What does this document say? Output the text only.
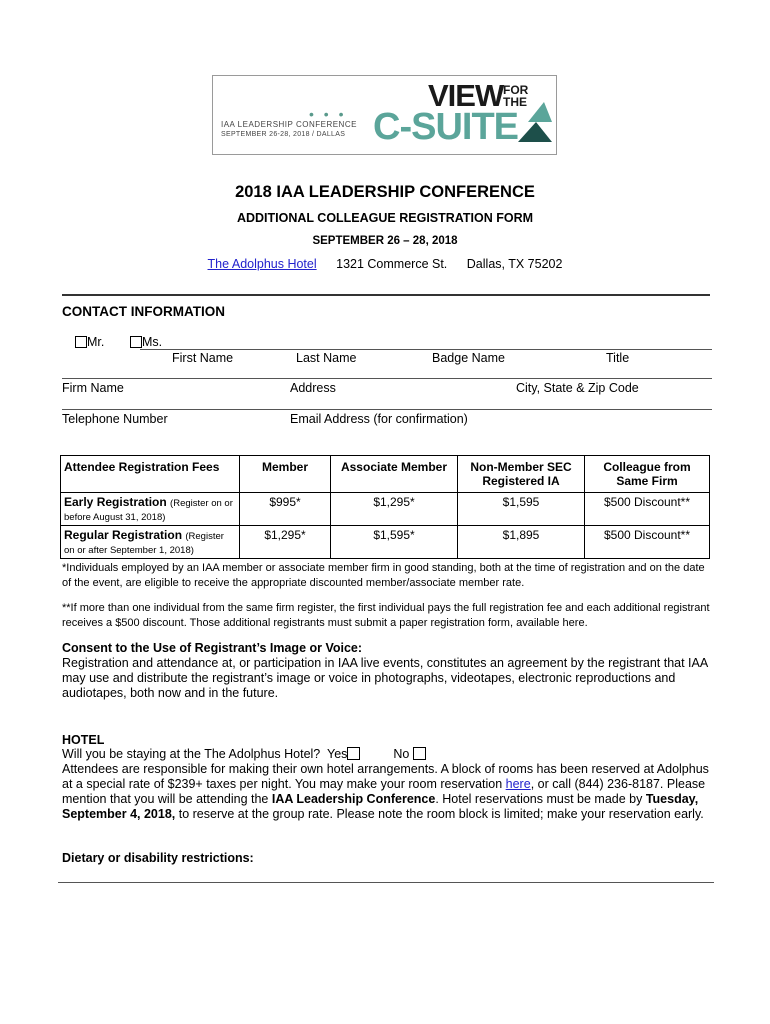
• • •
IAA LEADERSHIP CONFERENCE
SEPTEMBER 26-28, 2018 / DALLAS
VIEW FOR THE
C-SUITE
2018 IAA LEADERSHIP CONFERENCE
ADDITIONAL COLLEAGUE REGISTRATION FORM
SEPTEMBER 26 – 28, 2018
The Adolphus Hotel 1321 Commerce St. Dallas, TX 75202
CONTACT INFORMATION
Mr.	Ms.
First Name	Last Name	Badge Name	Title
Firm Name	Address	City, State & Zip Code
Telephone Number	Email Address (for confirmation)
Attendee Registration Fees	Member	Associate Member	Non-Member SEC Registered IA	Colleague from Same Firm
Early Registration (Register on or before August 31, 2018)	$995*	$1,295*	$1,595	$500 Discount**
Regular Registration (Register on or after September 1, 2018)	$1,295*	$1,595*	$1,895	$500 Discount**
*Individuals employed by an IAA member or associate member firm in good standing, both at the time of registration and on the date of the event, are eligible to receive the appropriate discounted member/associate member rate.
**If more than one individual from the same firm register, the first individual pays the full registration fee and each additional registrant receives a $500 discount. Those additional registrants must submit a paper registration form, available here.
Consent to the Use of Registrant’s Image or Voice:
Registration and attendance at, or participation in IAA live events, constitutes an agreement by the registrant that IAA may use and distribute the registrant’s image or voice in photographs, videotapes, electronic reproductions and audiotapes, both now and in the future.
HOTEL
Will you be staying at the The Adolphus Hotel? Yes	No
Attendees are responsible for making their own hotel arrangements. A block of rooms has been reserved at Adolphus at a special rate of $239+ taxes per night. You may make your room reservation here, or call (844) 236-8187. Please mention that you will be attending the IAA Leadership Conference. Hotel reservations must be made by Tuesday, September 4, 2018, to reserve at the group rate. Please note the room block is limited; make your reservation early.
Dietary or disability restrictions:
